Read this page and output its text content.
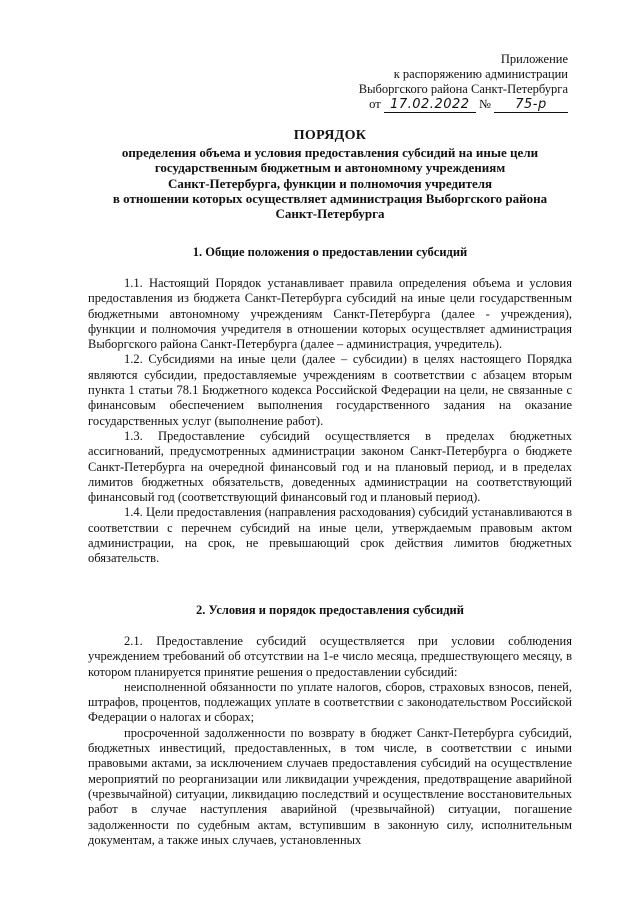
Приложение
к распоряжению администрации
Выборгского района Санкт-Петербурга
от 17.02.2022 № 75-р
ПОРЯДОК
определения объема и условия предоставления субсидий на иные цели
государственным бюджетным и автономному учреждениям
Санкт-Петербурга, функции и полномочия учредителя
в отношении которых осуществляет администрация Выборгского района
Санкт-Петербурга
1. Общие положения о предоставлении субсидий

1.1. Настоящий Порядок устанавливает правила определения объема и условия предоставления из бюджета Санкт-Петербурга субсидий на иные цели государственным бюджетными автономному учреждениям Санкт-Петербурга (далее - учреждения), функции и полномочия учредителя в отношении которых осуществляет администрация Выборгского района Санкт-Петербурга (далее – администрация, учредитель).

1.2. Субсидиями на иные цели (далее – субсидии) в целях настоящего Порядка являются субсидии, предоставляемые учреждениям в соответствии с абзацем вторым пункта 1 статьи 78.1 Бюджетного кодекса Российской Федерации на цели, не связанные с финансовым обеспечением выполнения государственного задания на оказание государственных услуг (выполнение работ).

1.3. Предоставление субсидий осуществляется в пределах бюджетных ассигнований, предусмотренных администрации законом Санкт-Петербурга о бюджете Санкт-Петербурга на очередной финансовый год и на плановый период, и в пределах лимитов бюджетных обязательств, доведенных администрации на соответствующий финансовый год (соответствующий финансовый год и плановый период).

1.4. Цели предоставления (направления расходования) субсидий устанавливаются в соответствии с перечнем субсидий на иные цели, утверждаемым правовым актом администрации, на срок, не превышающий срок действия лимитов бюджетных обязательств.

2. Условия и порядок предоставления субсидий

2.1. Предоставление субсидий осуществляется при условии соблюдения учреждением требований об отсутствии на 1-е число месяца, предшествующего месяцу, в котором планируется принятие решения о предоставлении субсидий:

неисполненной обязанности по уплате налогов, сборов, страховых взносов, пеней, штрафов, процентов, подлежащих уплате в соответствии с законодательством Российской Федерации о налогах и сборах;

просроченной задолженности по возврату в бюджет Санкт-Петербурга субсидий, бюджетных инвестиций, предоставленных, в том числе, в соответствии с иными правовыми актами, за исключением случаев предоставления субсидий на осуществление мероприятий по реорганизации или ликвидации учреждения, предотвращение аварийной (чрезвычайной) ситуации, ликвидацию последствий и осуществление восстановительных работ в случае наступления аварийной (чрезвычайной) ситуации, погашение задолженности по судебным актам, вступившим в законную силу, исполнительным документам, а также иных случаев, установленных
